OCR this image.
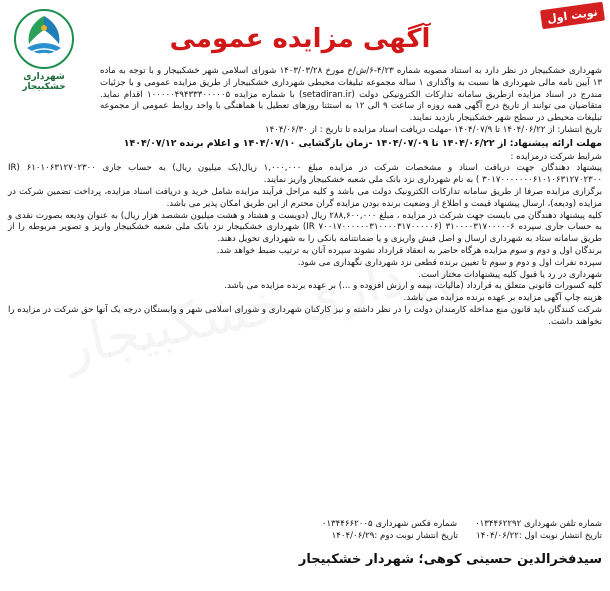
شهرداری خشکبیجار
نوبت اول
آگهی مزایده عمومی

شهرداری خشکبیجار در نظر دارد به استناد مصوبه شماره ۴/۲۳-۶/ش/خ مورخ ۱۴۰۳/۰۳/۲۸ شورای اسلامی شهر خشکبیجار و با توجه به ماده ۱۳ آیین نامه مالی شهرداری ها نسبت به واگذاری ۱ ساله مجموعه تبلیغات محیطی شهرداری خشکبیجار از طریق مزایده عمومی و با جزئیات مندرج در اسناد مزایده ازطریق سامانه تدارکات الکترونیکی دولت (setadiran.ir) با شماره مزایده ۱۰۰۰۰۰۴۹۴۳۳۳۰۰۰۰۰۵ اقدام نماید. متقاضیان می توانند از تاریخ درج آگهی همه روزه از ساعت ۹ الی ۱۲ به استثنا روزهای تعطیل با هماهنگی با واحد روابط عمومی از مجموعه تبلیغات محیطی در سطح شهر خشکبیجار بازدید نمایند.

تاریخ انتشار: از ۱۴۰۴/۰۶/۲۲ تا ۱۴۰۴/۰۷/۹ -مهلت دریافت اسناد مزایده تا تاریخ : از ۱۴۰۴/۰۶/۳۰

مهلت ارائه پیشنهاد: از ۱۴۰۴/۰۶/۲۲ تا ۱۴۰۴/۰۷/۰۹ -زمان بازگشایی ۱۴۰۴/۰۷/۱۰ و اعلام برنده ۱۴۰۴/۰۷/۱۲

شرایط شرکت درمزایده :

پیشنهاد دهندگان جهت دریافت اسناد و مشخصات شرکت در مزایده مبلغ ۱,۰۰۰,۰۰۰ ریال(یک میلیون ریال) به حساب جاری ۶۱۰۱۰۶۳۱۲۷۰۲۳۰۰ (IR ۳۰۱۷۰۰۰۰۰۰۰۶۱۰۱۰۶۳۱۲۷۰۲۳۰۰ ) به نام شهرداری نزد بانک ملی شعبه خشکبیجار واریز نمایند.

برگزاری مزایده صرفا از طریق سامانه تدارکات الکترونیک دولت می باشد و کلیه مراحل فرآیند مزایده شامل خرید و دریافت اسناد مزایده، پرداخت تضمین شرکت در مزایده (ودیعه)، ارسال پیشنهاد قیمت و اطلاع از وضعیت برنده بودن مزایده گران محترم از این طریق امکان پذیر می باشد.

کلیه پیشنهاد دهندگان می بایست جهت شرکت در مزایده ، مبلغ ۲۸۸,۶۰۰,۰۰۰ ریال (دویست و هشتاد و هشت میلیون ششصد هزار ریال) به عنوان ودیعه بصورت نقدی و به حساب جاری سپرده ۳۱۰۰۰۰۳۱۷۰۰۰۰۰۶ (IR ۷۰۰۱۷۰۰۰۰۰۰۳۱۰۰۰۰۳۱۷۰۰۰۰۰۶) شهرداری خشکبیجار نزد بانک ملی شعبه خشکبیجار واریز و تصویر مربوطه را از طریق سامانه ستاد به شهرداری ارسال و اصل فیش واریزی و یا ضمانتنامه بانکی را به شهرداری تحویل دهند.

برندگان اول و دوم و سوم مزایده هرگاه حاضر به انعقاد قرارداد نشوند سپرده آنان به ترتیب ضبط خواهد شد.

سپرده نفرات اول و دوم و سوم تا تعیین برنده قطعی نزد شهرداری نگهداری می شود.

شهرداری در رد یا قبول کلیه پیشنهادات مختار است.

کلیه کسورات قانونی متعلق به قرارداد (مالیات، بیمه و ارزش افزوده و ...) بر عهده برنده مزایده می باشد.

هزینه چاپ آگهی مزایده بر عهده برنده مزایده می باشد.

شرکت کنندگان باید قانون منع مداخله کارمندان دولت را در نظر داشته و نیز کارکنان شهرداری و شورای اسلامی شهر و وابستگان درجه یک آنها حق شرکت در مزایده را نخواهند داشت.

شماره تلفن شهرداری ۰۱۳۴۴۶۲۲۹۲
شماره فکس شهرداری ۰۱۳۴۴۶۶۲۰۰۵
تاریخ انتشار نوبت اول :۱۴۰۴/۰۶/۲۲
تاریخ انتشار نوبت دوم :۱۴۰۴/۰۶/۲۹
سیدفخرالدین حسینی کوهی؛ شهردار خشکبیجار
